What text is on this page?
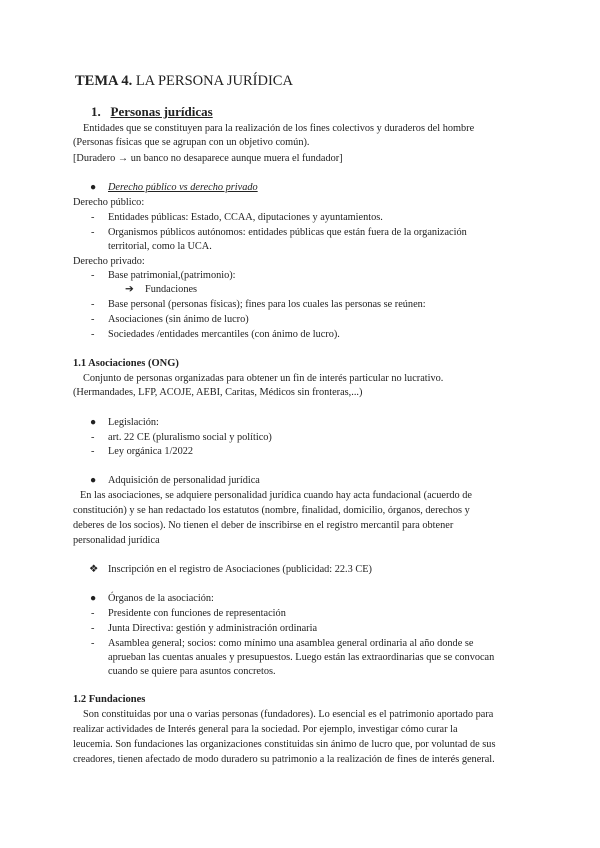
TEMA 4. LA PERSONA JURÍDICA
1. Personas jurídicas
Entidades que se constituyen para la realización de los fines colectivos y duraderos del hombre
(Personas físicas que se agrupan con un objetivo común).
[Duradero → un banco no desaparece aunque muera el fundador]
● Derecho público vs derecho privado
Derecho público:
- Entidades públicas: Estado, CCAA, diputaciones y ayuntamientos.
- Organismos públicos autónomos: entidades públicas que están fuera de la organización
territorial, como la UCA.
Derecho privado:
- Base patrimonial,(patrimonio):
➔ Fundaciones
- Base personal (personas físicas); fines para los cuales las personas se reúnen:
- Asociaciones (sin ánimo de lucro)
- Sociedades /entidades mercantiles (con ánimo de lucro).
1.1 Asociaciones (ONG)
Conjunto de personas organizadas para obtener un fin de interés particular no lucrativo.
(Hermandades, LFP, ACOJE, AEBI, Caritas, Médicos sin fronteras,...)
● Legislación:
- art. 22 CE (pluralismo social y político)
- Ley orgánica 1/2022
● Adquisición de personalidad jurídica
En las asociaciones, se adquiere personalidad jurídica cuando hay acta fundacional (acuerdo de
constitución) y se han redactado los estatutos (nombre, finalidad, domicilio, órganos, derechos y
deberes de los socios). No tienen el deber de inscribirse en el registro mercantil para obtener
personalidad jurídica
❖ Inscripción en el registro de Asociaciones (publicidad: 22.3 CE)
● Órganos de la asociación:
- Presidente con funciones de representación
- Junta Directiva: gestión y administración ordinaria
- Asamblea general; socios: como mínimo una asamblea general ordinaria al año donde se
aprueban las cuentas anuales y presupuestos. Luego están las extraordinarias que se convocan
cuando se quiere para asuntos concretos.
1.2 Fundaciones
Son constituidas por una o varias personas (fundadores). Lo esencial es el patrimonio aportado para
realizar actividades de Interés general para la sociedad. Por ejemplo, investigar cómo curar la
leucemia. Son fundaciones las organizaciones constituidas sin ánimo de lucro que, por voluntad de sus
creadores, tienen afectado de modo duradero su patrimonio a la realización de fines de interés general.
